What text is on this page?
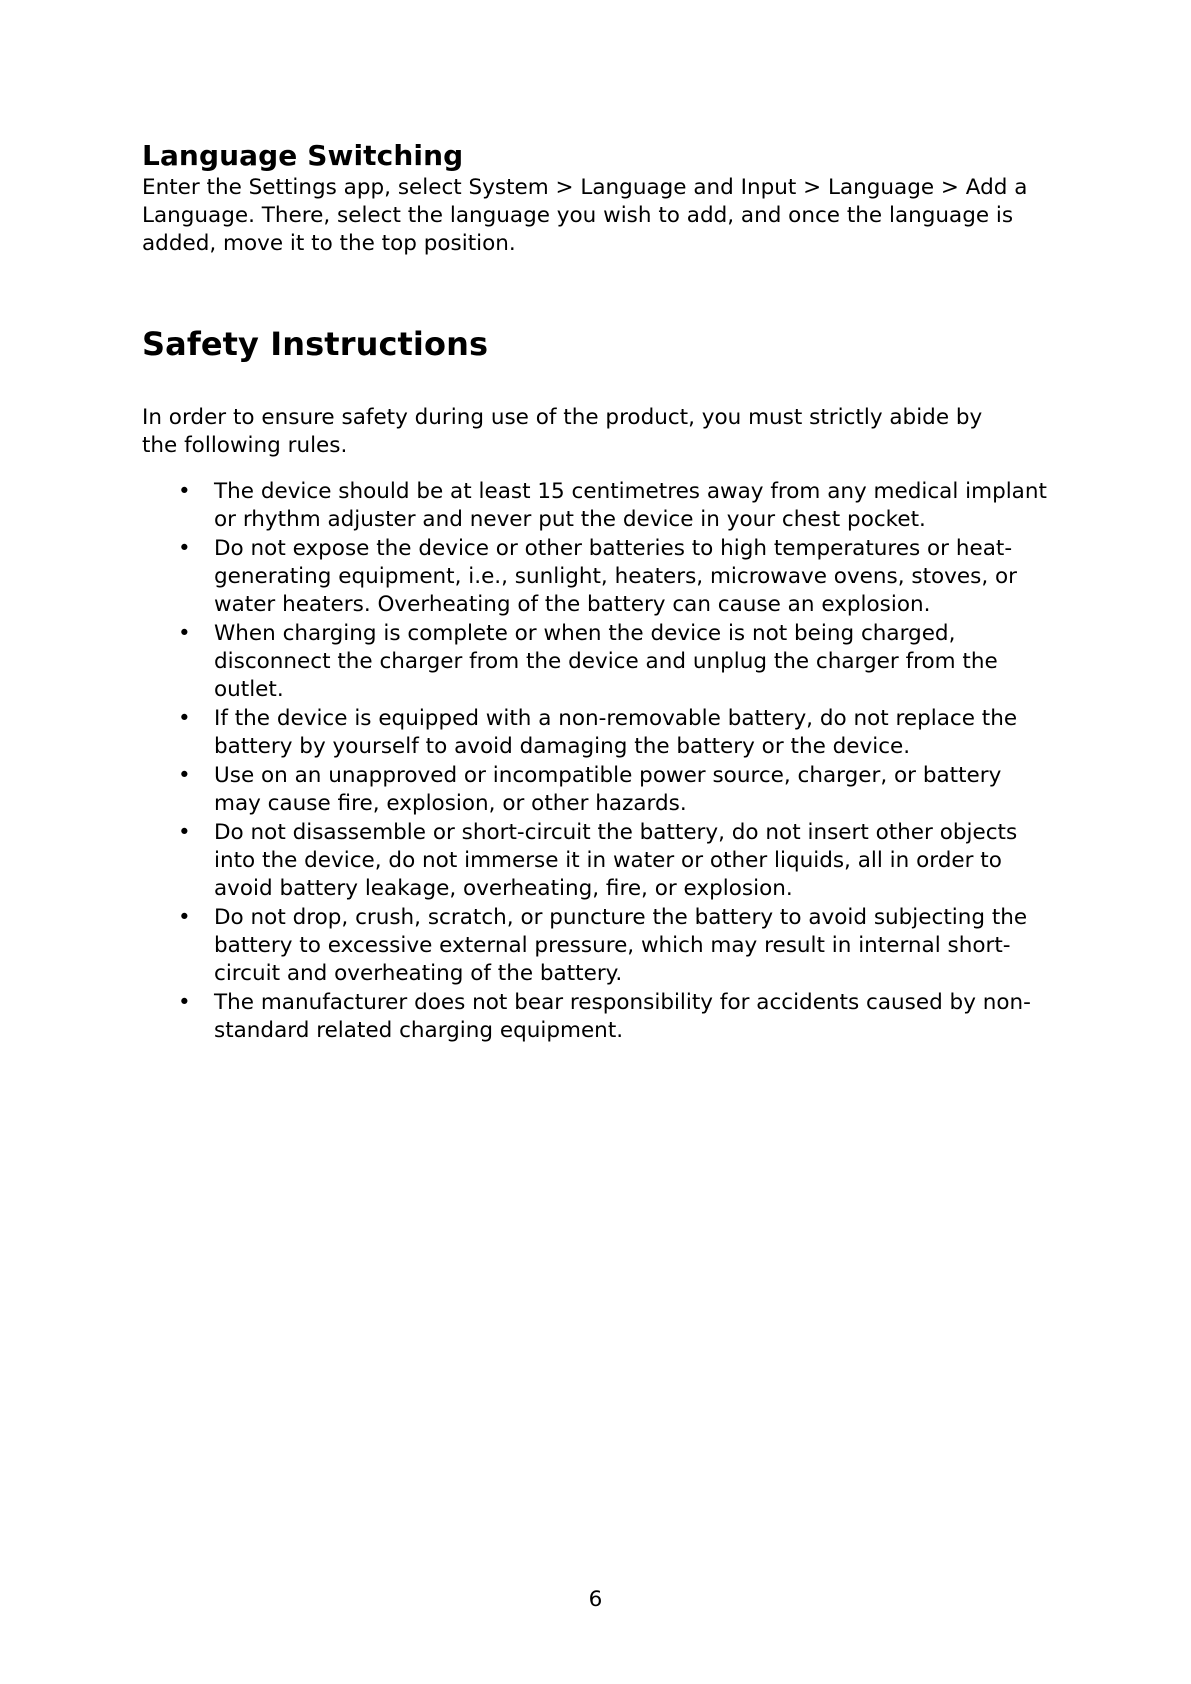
Language Switching

Enter the Settings app, select System > Language and Input > Language > Add a Language. There, select the language you wish to add, and once the language is added, move it to the top position.

Safety Instructions

In order to ensure safety during use of the product, you must strictly abide by the following rules.

• The device should be at least 15 centimetres away from any medical implant or rhythm adjuster and never put the device in your chest pocket.
• Do not expose the device or other batteries to high temperatures or heat-generating equipment, i.e., sunlight, heaters, microwave ovens, stoves, or water heaters. Overheating of the battery can cause an explosion.
• When charging is complete or when the device is not being charged, disconnect the charger from the device and unplug the charger from the outlet.
• If the device is equipped with a non-removable battery, do not replace the battery by yourself to avoid damaging the battery or the device.
• Use on an unapproved or incompatible power source, charger, or battery may cause fire, explosion, or other hazards.
• Do not disassemble or short-circuit the battery, do not insert other objects into the device, do not immerse it in water or other liquids, all in order to avoid battery leakage, overheating, fire, or explosion.
• Do not drop, crush, scratch, or puncture the battery to avoid subjecting the battery to excessive external pressure, which may result in internal short-circuit and overheating of the battery.
• The manufacturer does not bear responsibility for accidents caused by non-standard related charging equipment.
6
